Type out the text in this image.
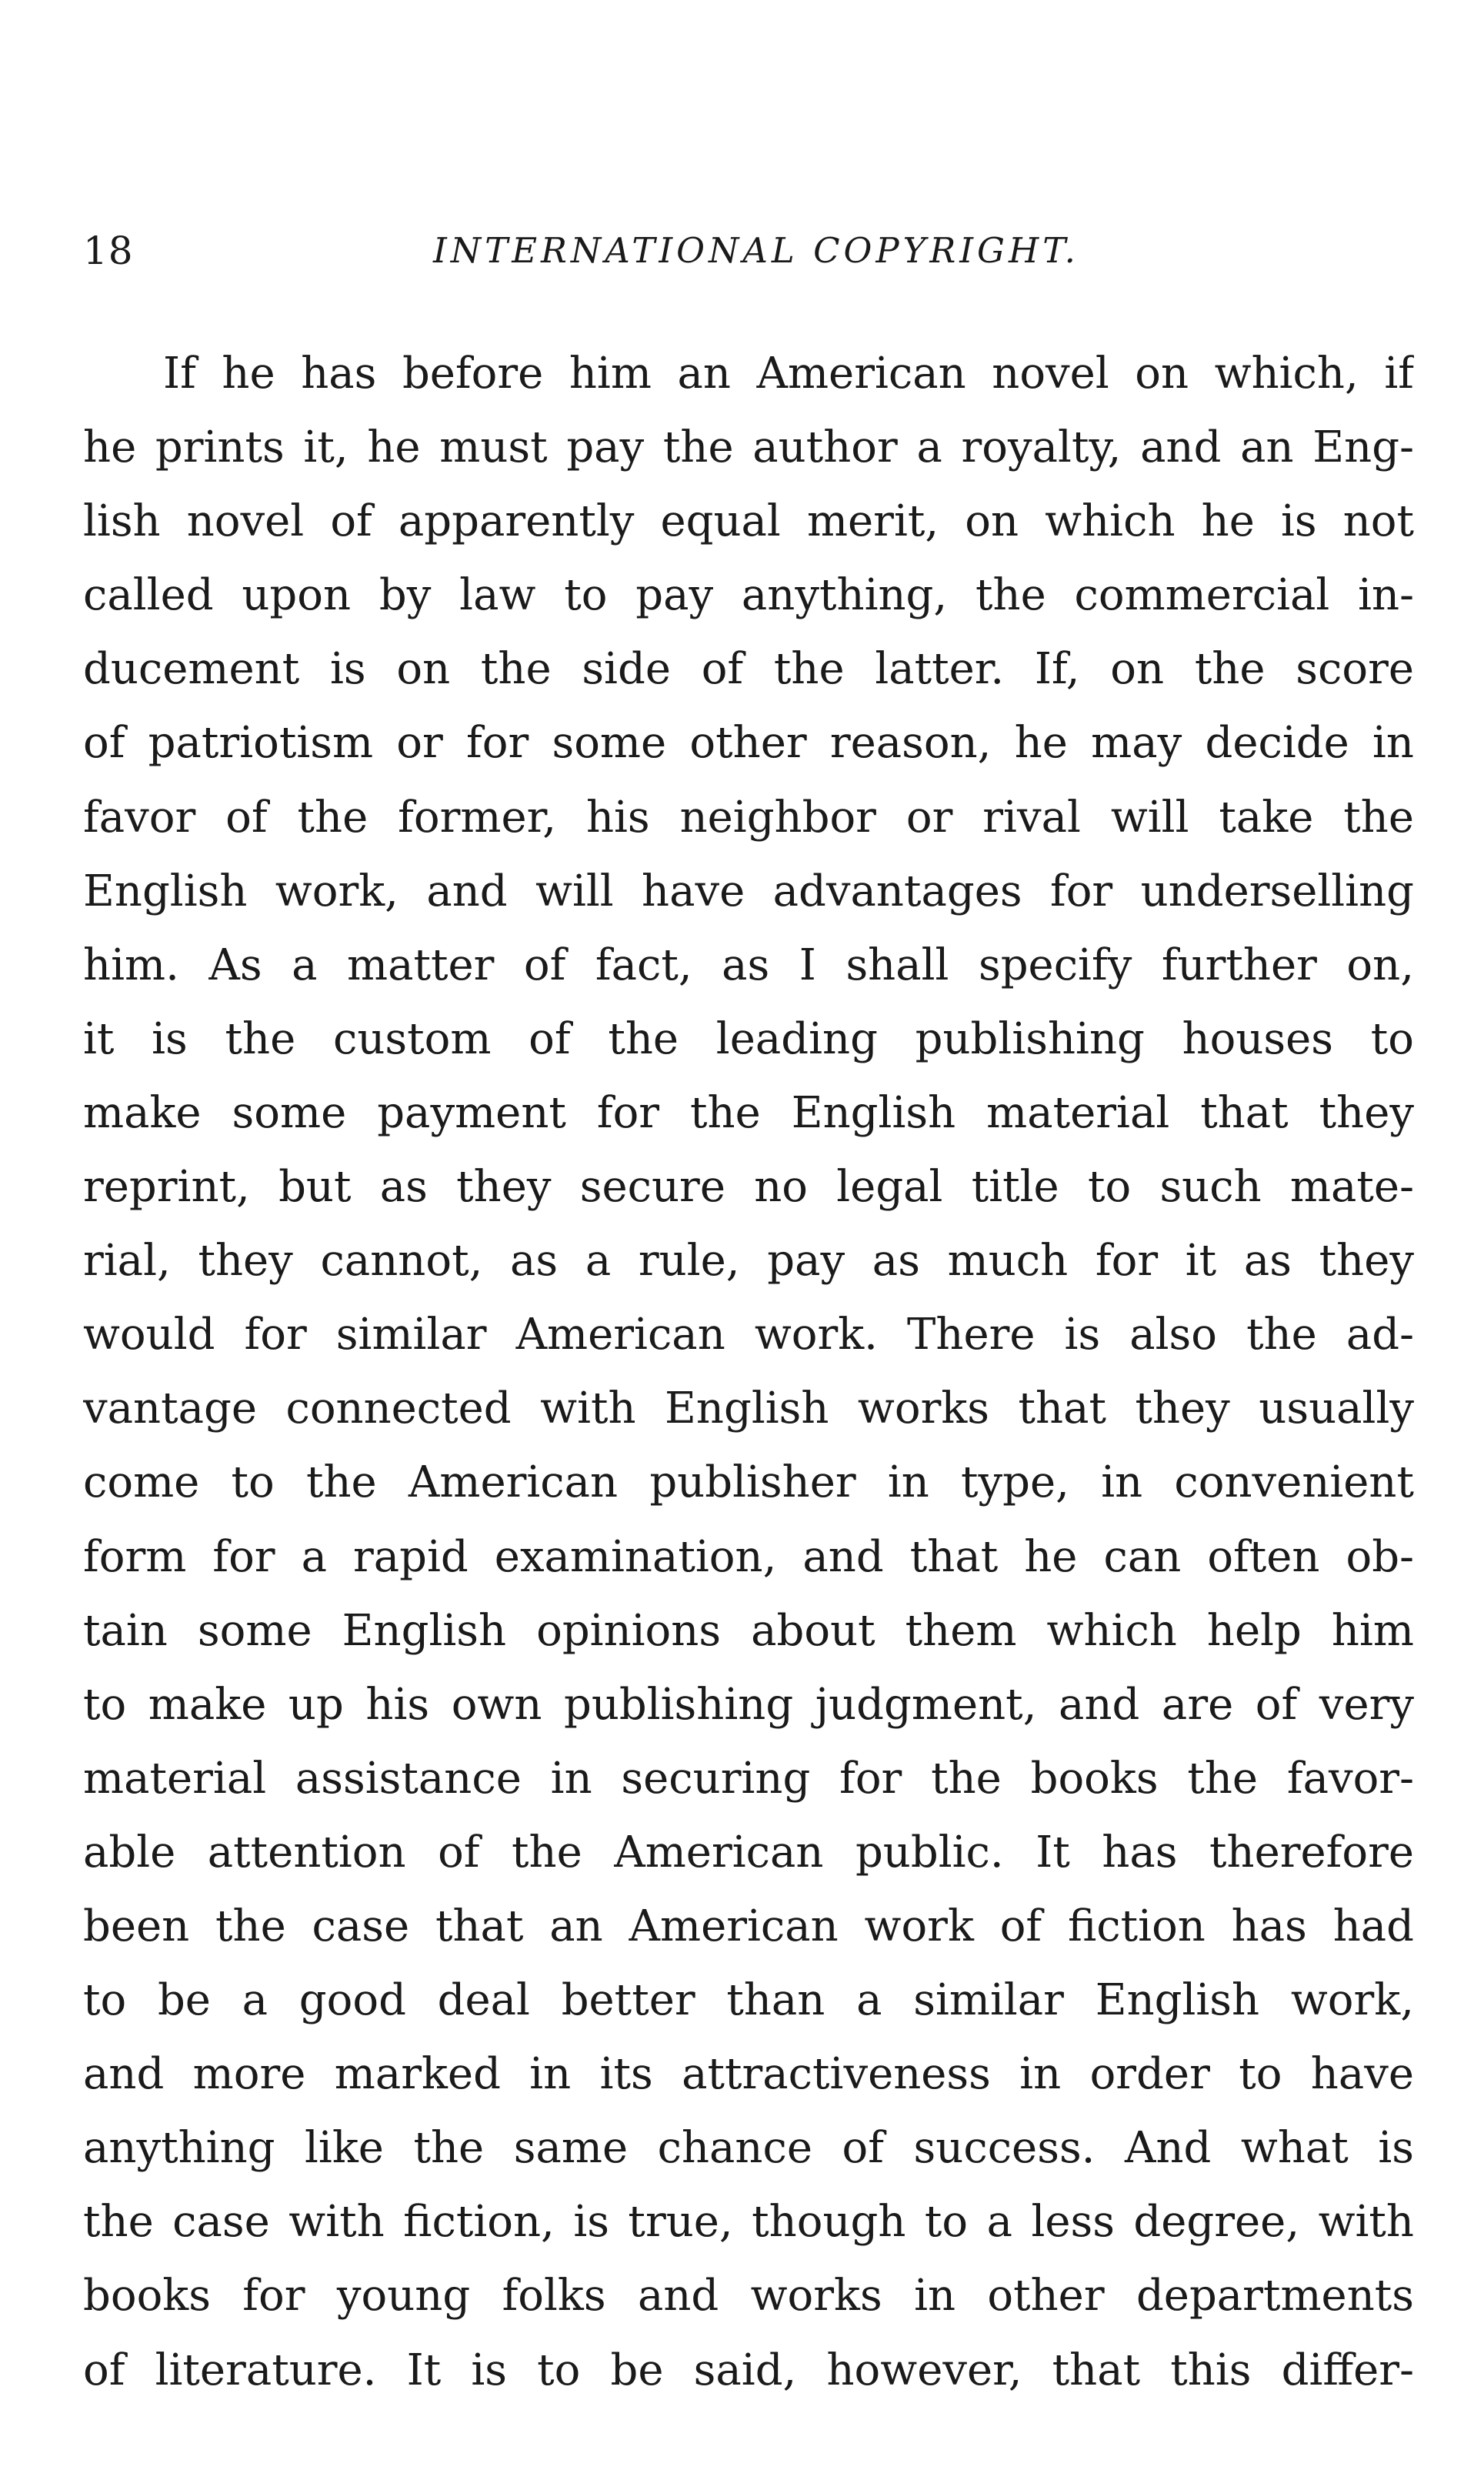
18	INTERNATIONAL COPYRIGHT.
If he has before him an American novel on which, if
he prints it, he must pay the author a royalty, and an Eng-
lish novel of apparently equal merit, on which he is not
called upon by law to pay anything, the commercial in-
ducement is on the side of the latter. If, on the score
of patriotism or for some other reason, he may decide in
favor of the former, his neighbor or rival will take the
English work, and will have advantages for underselling
him. As a matter of fact, as I shall specify further on,
it is the custom of the leading publishing houses to
make some payment for the English material that they
reprint, but as they secure no legal title to such mate-
rial, they cannot, as a rule, pay as much for it as they
would for similar American work. There is also the ad-
vantage connected with English works that they usually
come to the American publisher in type, in convenient
form for a rapid examination, and that he can often ob-
tain some English opinions about them which help him
to make up his own publishing judgment, and are of very
material assistance in securing for the books the favor-
able attention of the American public. It has therefore
been the case that an American work of fiction has had
to be a good deal better than a similar English work,
and more marked in its attractiveness in order to have
anything like the same chance of success. And what is
the case with fiction, is true, though to a less degree, with
books for young folks and works in other departments
of literature. It is to be said, however, that this differ-
